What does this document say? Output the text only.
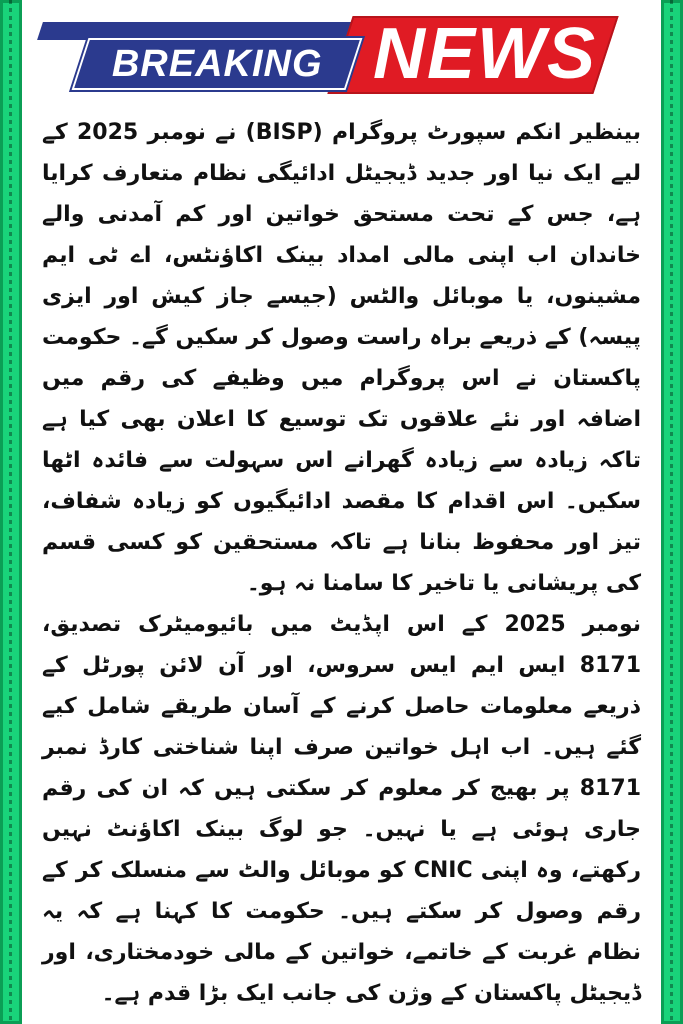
NEWS
BREAKING

بینظیر انکم سپورٹ پروگرام (BISP) نے نومبر 2025 کے لیے ایک نیا اور جدید ڈیجیٹل ادائیگی نظام متعارف کرایا ہے، جس کے تحت مستحق خواتین اور کم آمدنی والے خاندان اب اپنی مالی امداد بینک اکاؤنٹس، اے ٹی ایم مشینوں، یا موبائل والٹس (جیسے جاز کیش اور ایزی پیسہ) کے ذریعے براہ راست وصول کر سکیں گے۔ حکومت پاکستان نے اس پروگرام میں وظیفے کی رقم میں اضافہ اور نئے علاقوں تک توسیع کا اعلان بھی کیا ہے تاکہ زیادہ سے زیادہ گھرانے اس سہولت سے فائدہ اٹھا سکیں۔ اس اقدام کا مقصد ادائیگیوں کو زیادہ شفاف، تیز اور محفوظ بنانا ہے تاکہ مستحقین کو کسی قسم کی پریشانی یا تاخیر کا سامنا نہ ہو۔

نومبر 2025 کے اس اپڈیٹ میں بائیومیٹرک تصدیق، 8171 ایس ایم ایس سروس، اور آن لائن پورٹل کے ذریعے معلومات حاصل کرنے کے آسان طریقے شامل کیے گئے ہیں۔ اب اہل خواتین صرف اپنا شناختی کارڈ نمبر 8171 پر بھیج کر معلوم کر سکتی ہیں کہ ان کی رقم جاری ہوئی ہے یا نہیں۔ جو لوگ بینک اکاؤنٹ نہیں رکھتے، وہ اپنی CNIC کو موبائل والٹ سے منسلک کر کے رقم وصول کر سکتے ہیں۔ حکومت کا کہنا ہے کہ یہ نظام غربت کے خاتمے، خواتین کے مالی خودمختاری، اور ڈیجیٹل پاکستان کے وژن کی جانب ایک بڑا قدم ہے۔
